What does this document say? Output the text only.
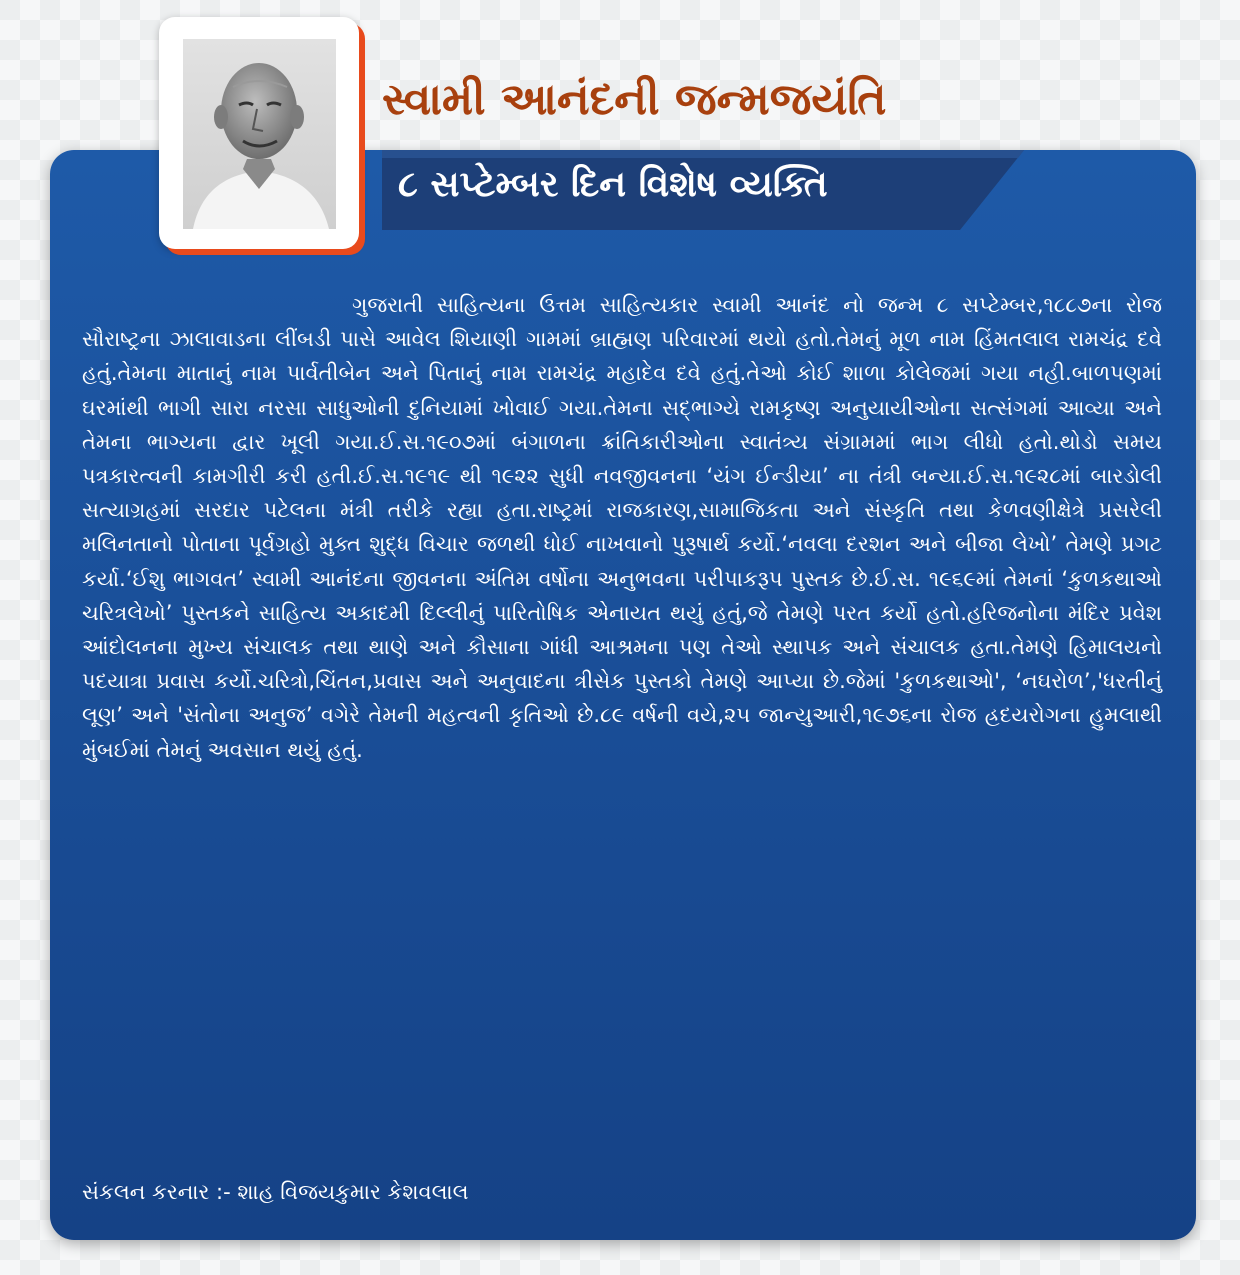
સ્વામી આનંદની જન્મજયંતિ
૮ સપ્ટેમ્બર દિન વિશેષ વ્યક્તિ

ગુજરાતી સાહિત્યના ઉત્તમ સાહિત્યકાર સ્વામી આનંદ નો જન્મ ૮ સપ્ટેમ્બર,૧૮૮૭ના રોજ સૌરાષ્ટ્રના ઝાલાવાડના લીંબડી પાસે આવેલ શિયાણી ગામમાં બ્રાહ્મણ પરિવારમાં થયો હતો.તેમનું મૂળ નામ હિંમતલાલ રામચંદ્ર દવે હતું.તેમના માતાનું નામ પાર્વતીબેન અને પિતાનું નામ રામચંદ્ર મહાદેવ દવે હતું.તેઓ કોઈ શાળા કોલેજમાં ગયા નહી.બાળપણમાં ઘરમાંથી ભાગી સારા નરસા સાધુઓની દુનિયામાં ખોવાઈ ગયા.તેમના સદ્ભાગ્યે રામકૃષ્ણ અનુયાયીઓના સત્સંગમાં આવ્યા અને તેમના ભાગ્યના દ્વાર ખૂલી ગયા.ઈ.સ.૧૯૦૭માં બંગાળના ક્રાંતિકારીઓના સ્વાતંત્ર્ય સંગ્રામમાં ભાગ લીધો હતો.થોડો સમય પત્રકારત્વની કામગીરી કરી હતી.ઈ.સ.૧૯૧૯ થી ૧૯૨૨ સુધી નવજીવનના ‘યંગ ઈન્ડીયા’ ના તંત્રી બન્યા.ઈ.સ.૧૯૨૮માં બારડોલી સત્યાગ્રહમાં સરદાર પટેલના મંત્રી તરીકે રહ્યા હતા.રાષ્ટ્રમાં રાજકારણ,સામાજિકતા અને સંસ્કૃતિ તથા કેળવણીક્ષેત્રે પ્રસરેલી મલિનતાનો પોતાના પૂર્વગ્રહો મુક્ત શુદ્ધ વિચાર જળથી ધોઈ નાખવાનો પુરૂષાર્થ કર્યો.‘નવલા દરશન અને બીજા લેખો’ તેમણે પ્રગટ કર્યા.‘ઈશુ ભાગવત’ સ્વામી આનંદના જીવનના અંતિમ વર્ષોના અનુભવના પરીપાકરૂપ પુસ્તક છે.ઈ.સ. ૧૯૬૯માં તેમનાં ‘કુળકથાઓ ચરિત્રલેખો’ પુસ્તકને સાહિત્ય અકાદમી દિલ્લીનું પારિતોષિક એનાયત થયું હતું,જે તેમણે પરત કર્યો હતો.હરિજનોના મંદિર પ્રવેશ આંદોલનના મુખ્ય સંચાલક તથા થાણે અને કૌસાના ગાંધી આશ્રમના પણ તેઓ સ્થાપક અને સંચાલક હતા.તેમણે હિમાલયનો પદયાત્રા પ્રવાસ કર્યો.ચરિત્રો,ચિંતન,પ્રવાસ અને અનુવાદના ત્રીસેક પુસ્તકો તેમણે આપ્યા છે.જેમાં 'કુળકથાઓ', ‘નઘરોળ’,'ધરતીનું લૂણ’ અને 'સંતોના અનુજ’ વગેરે તેમની મહત્વની કૃતિઓ છે.૮૯ વર્ષની વયે,૨૫ જાન્યુઆરી,૧૯૭૬ના રોજ હ્રદયરોગના હુમલાથી મુંબઈમાં તેમનું અવસાન થયું હતું.

સંકલન કરનાર :- શાહ વિજયકુમાર કેશવલાલ
